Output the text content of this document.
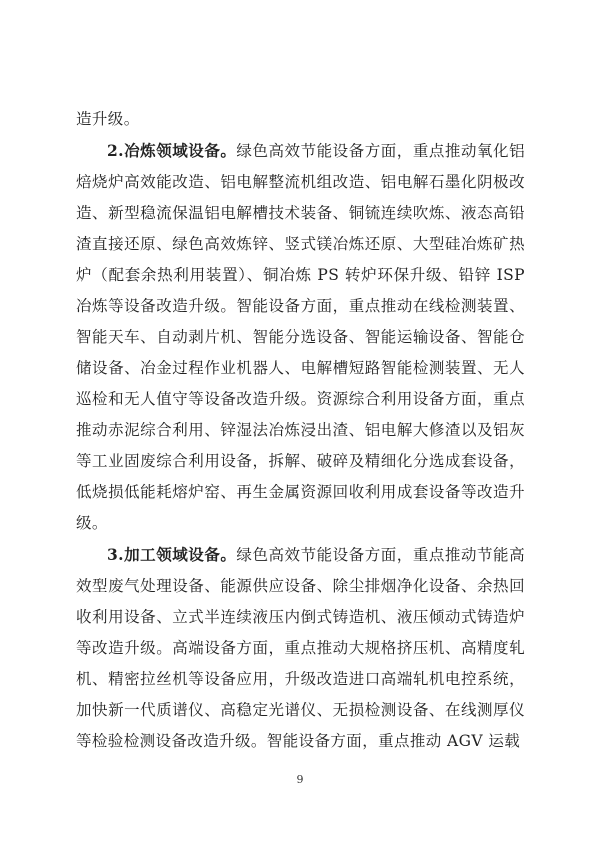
造升级。

2.冶炼领域设备。绿色高效节能设备方面，重点推动氧化铝焙烧炉高效能改造、铝电解整流机组改造、铝电解石墨化阴极改造、新型稳流保温铝电解槽技术装备、铜锍连续吹炼、液态高铅渣直接还原、绿色高效炼锌、竖式镁冶炼还原、大型硅冶炼矿热炉（配套余热利用装置）、铜冶炼 PS 转炉环保升级、铅锌 ISP 冶炼等设备改造升级。智能设备方面，重点推动在线检测装置、智能天车、自动剥片机、智能分选设备、智能运输设备、智能仓储设备、冶金过程作业机器人、电解槽短路智能检测装置、无人巡检和无人值守等设备改造升级。资源综合利用设备方面，重点推动赤泥综合利用、锌湿法冶炼浸出渣、铝电解大修渣以及铝灰等工业固废综合利用设备，拆解、破碎及精细化分选成套设备，低烧损低能耗熔炉窑、再生金属资源回收利用成套设备等改造升级。

3.加工领域设备。绿色高效节能设备方面，重点推动节能高效型废气处理设备、能源供应设备、除尘排烟净化设备、余热回收利用设备、立式半连续液压内倒式铸造机、液压倾动式铸造炉等改造升级。高端设备方面，重点推动大规格挤压机、高精度轧机、精密拉丝机等设备应用，升级改造进口高端轧机电控系统，加快新一代质谱仪、高稳定光谱仪、无损检测设备、在线测厚仪等检验检测设备改造升级。智能设备方面，重点推动 AGV 运载

9
